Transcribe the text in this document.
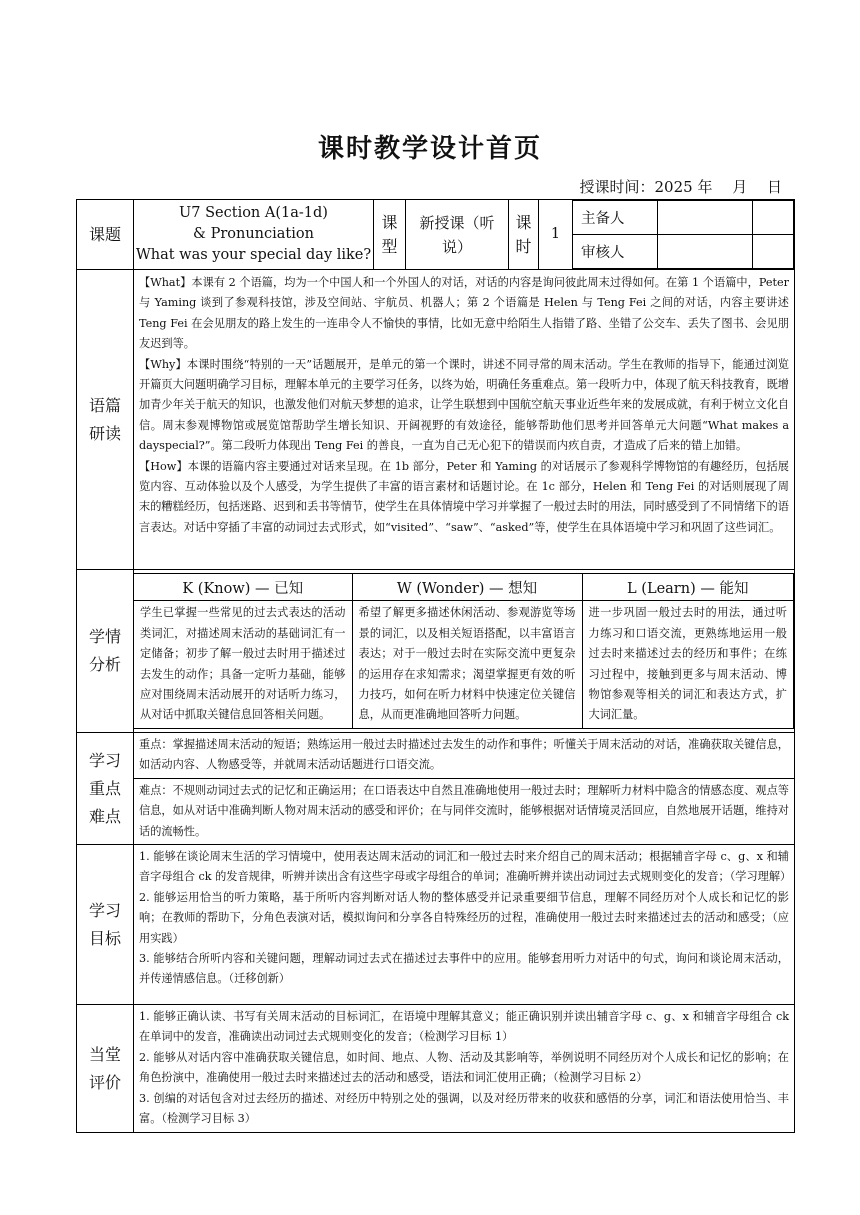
课时教学设计首页
授课时间：2025 年　 月　 日
课题	
U7 Section A(1a-1d)
& Pronunciation
What was your special day like?
	课型	新授课（听说）	课时	1	
主备人		
审核人		

语篇研读	

【What】本课有 2 个语篇，均为一个中国人和一个外国人的对话，对话的内容是询问彼此周末过得如何。在第 1 个语篇中，Peter 与 Yaming 谈到了参观科技馆，涉及空间站、宇航员、机器人；第 2 个语篇是 Helen 与 Teng Fei 之间的对话，内容主要讲述 Teng Fei 在会见朋友的路上发生的一连串令人不愉快的事情，比如无意中给陌生人指错了路、坐错了公交车、丢失了图书、会见朋友迟到等。

【Why】本课时围绕“特别的一天”话题展开，是单元的第一个课时，讲述不同寻常的周末活动。学生在教师的指导下，能通过浏览开篇页大问题明确学习目标，理解本单元的主要学习任务，以终为始，明确任务重难点。第一段听力中，体现了航天科技教育，既增加青少年关于航天的知识，也激发他们对航天梦想的追求，让学生联想到中国航空航天事业近些年来的发展成就，有利于树立文化自信。周末参观博物馆或展览馆帮助学生增长知识、开阔视野的有效途径，能够帮助他们思考并回答单元大问题“What makes a dayspecial?”。第二段听力体现出 Teng Fei 的善良，一直为自己无心犯下的错误而内疚自责，才造成了后来的错上加错。

【How】本课的语篇内容主要通过对话来呈现。在 1b 部分，Peter 和 Yaming 的对话展示了参观科学博物馆的有趣经历，包括展览内容、互动体验以及个人感受，为学生提供了丰富的语言素材和话题讨论。在 1c 部分，Helen 和 Teng Fei 的对话则展现了周末的糟糕经历，包括迷路、迟到和丢书等情节，使学生在具体情境中学习并掌握了一般过去时的用法，同时感受到了不同情绪下的语言表达。对话中穿插了丰富的动词过去式形式，如“visited”、“saw”、“asked”等，使学生在具体语境中学习和巩固了这些词汇。

学情分析	
K (Know) — 已知	W (Wonder) — 想知	L (Learn) — 能知
学生已掌握一些常见的过去式表达的活动类词汇，对描述周末活动的基础词汇有一定储备；初步了解一般过去时用于描述过去发生的动作；具备一定听力基础，能够应对围绕周末活动展开的对话听力练习，从对话中抓取关键信息回答相关问题。	希望了解更多描述休闲活动、参观游览等场景的词汇，以及相关短语搭配，以丰富语言表达；对于一般过去时在实际交流中更复杂的运用存在求知需求；渴望掌握更有效的听力技巧，如何在听力材料中快速定位关键信息，从而更准确地回答听力问题。	进一步巩固一般过去时的用法，通过听力练习和口语交流，更熟练地运用一般过去时来描述过去的经历和事件；在练习过程中，接触到更多与周末活动、博物馆参观等相关的词汇和表达方式，扩大词汇量。

学习重点难点	重点：掌握描述周末活动的短语；熟练运用一般过去时描述过去发生的动作和事件；听懂关于周末活动的对话，准确获取关键信息，如活动内容、人物感受等，并就周末活动话题进行口语交流。
难点：不规则动词过去式的记忆和正确运用；在口语表达中自然且准确地使用一般过去时；理解听力材料中隐含的情感态度、观点等信息，如从对话中准确判断人物对周末活动的感受和评价；在与同伴交流时，能够根据对话情境灵活回应，自然地展开话题，维持对话的流畅性。
学习目标	

1. 能够在谈论周末生活的学习情境中，使用表达周末活动的词汇和一般过去时来介绍自己的周末活动；根据辅音字母 c、g、x 和辅音字母组合 ck 的发音规律，听辨并读出含有这些字母或字母组合的单词；准确听辨并读出动词过去式规则变化的发音；（学习理解）

2. 能够运用恰当的听力策略，基于所听内容判断对话人物的整体感受并记录重要细节信息，理解不同经历对个人成长和记忆的影响；在教师的帮助下，分角色表演对话，模拟询问和分享各自特殊经历的过程，准确使用一般过去时来描述过去的活动和感受；（应用实践）

3. 能够结合所听内容和关键问题，理解动词过去式在描述过去事件中的应用。能够套用听力对话中的句式，询问和谈论周末活动，并传递情感信息。（迁移创新）

当堂评价	

1. 能够正确认读、书写有关周末活动的目标词汇，在语境中理解其意义；能正确识别并读出辅音字母 c、g、x 和辅音字母组合 ck 在单词中的发音，准确读出动词过去式规则变化的发音；（检测学习目标 1）

2. 能够从对话内容中准确获取关键信息，如时间、地点、人物、活动及其影响等，举例说明不同经历对个人成长和记忆的影响；在角色扮演中，准确使用一般过去时来描述过去的活动和感受，语法和词汇使用正确；（检测学习目标 2）

3. 创编的对话包含对过去经历的描述、对经历中特别之处的强调，以及对经历带来的收获和感悟的分享，词汇和语法使用恰当、丰富。（检测学习目标 3）
